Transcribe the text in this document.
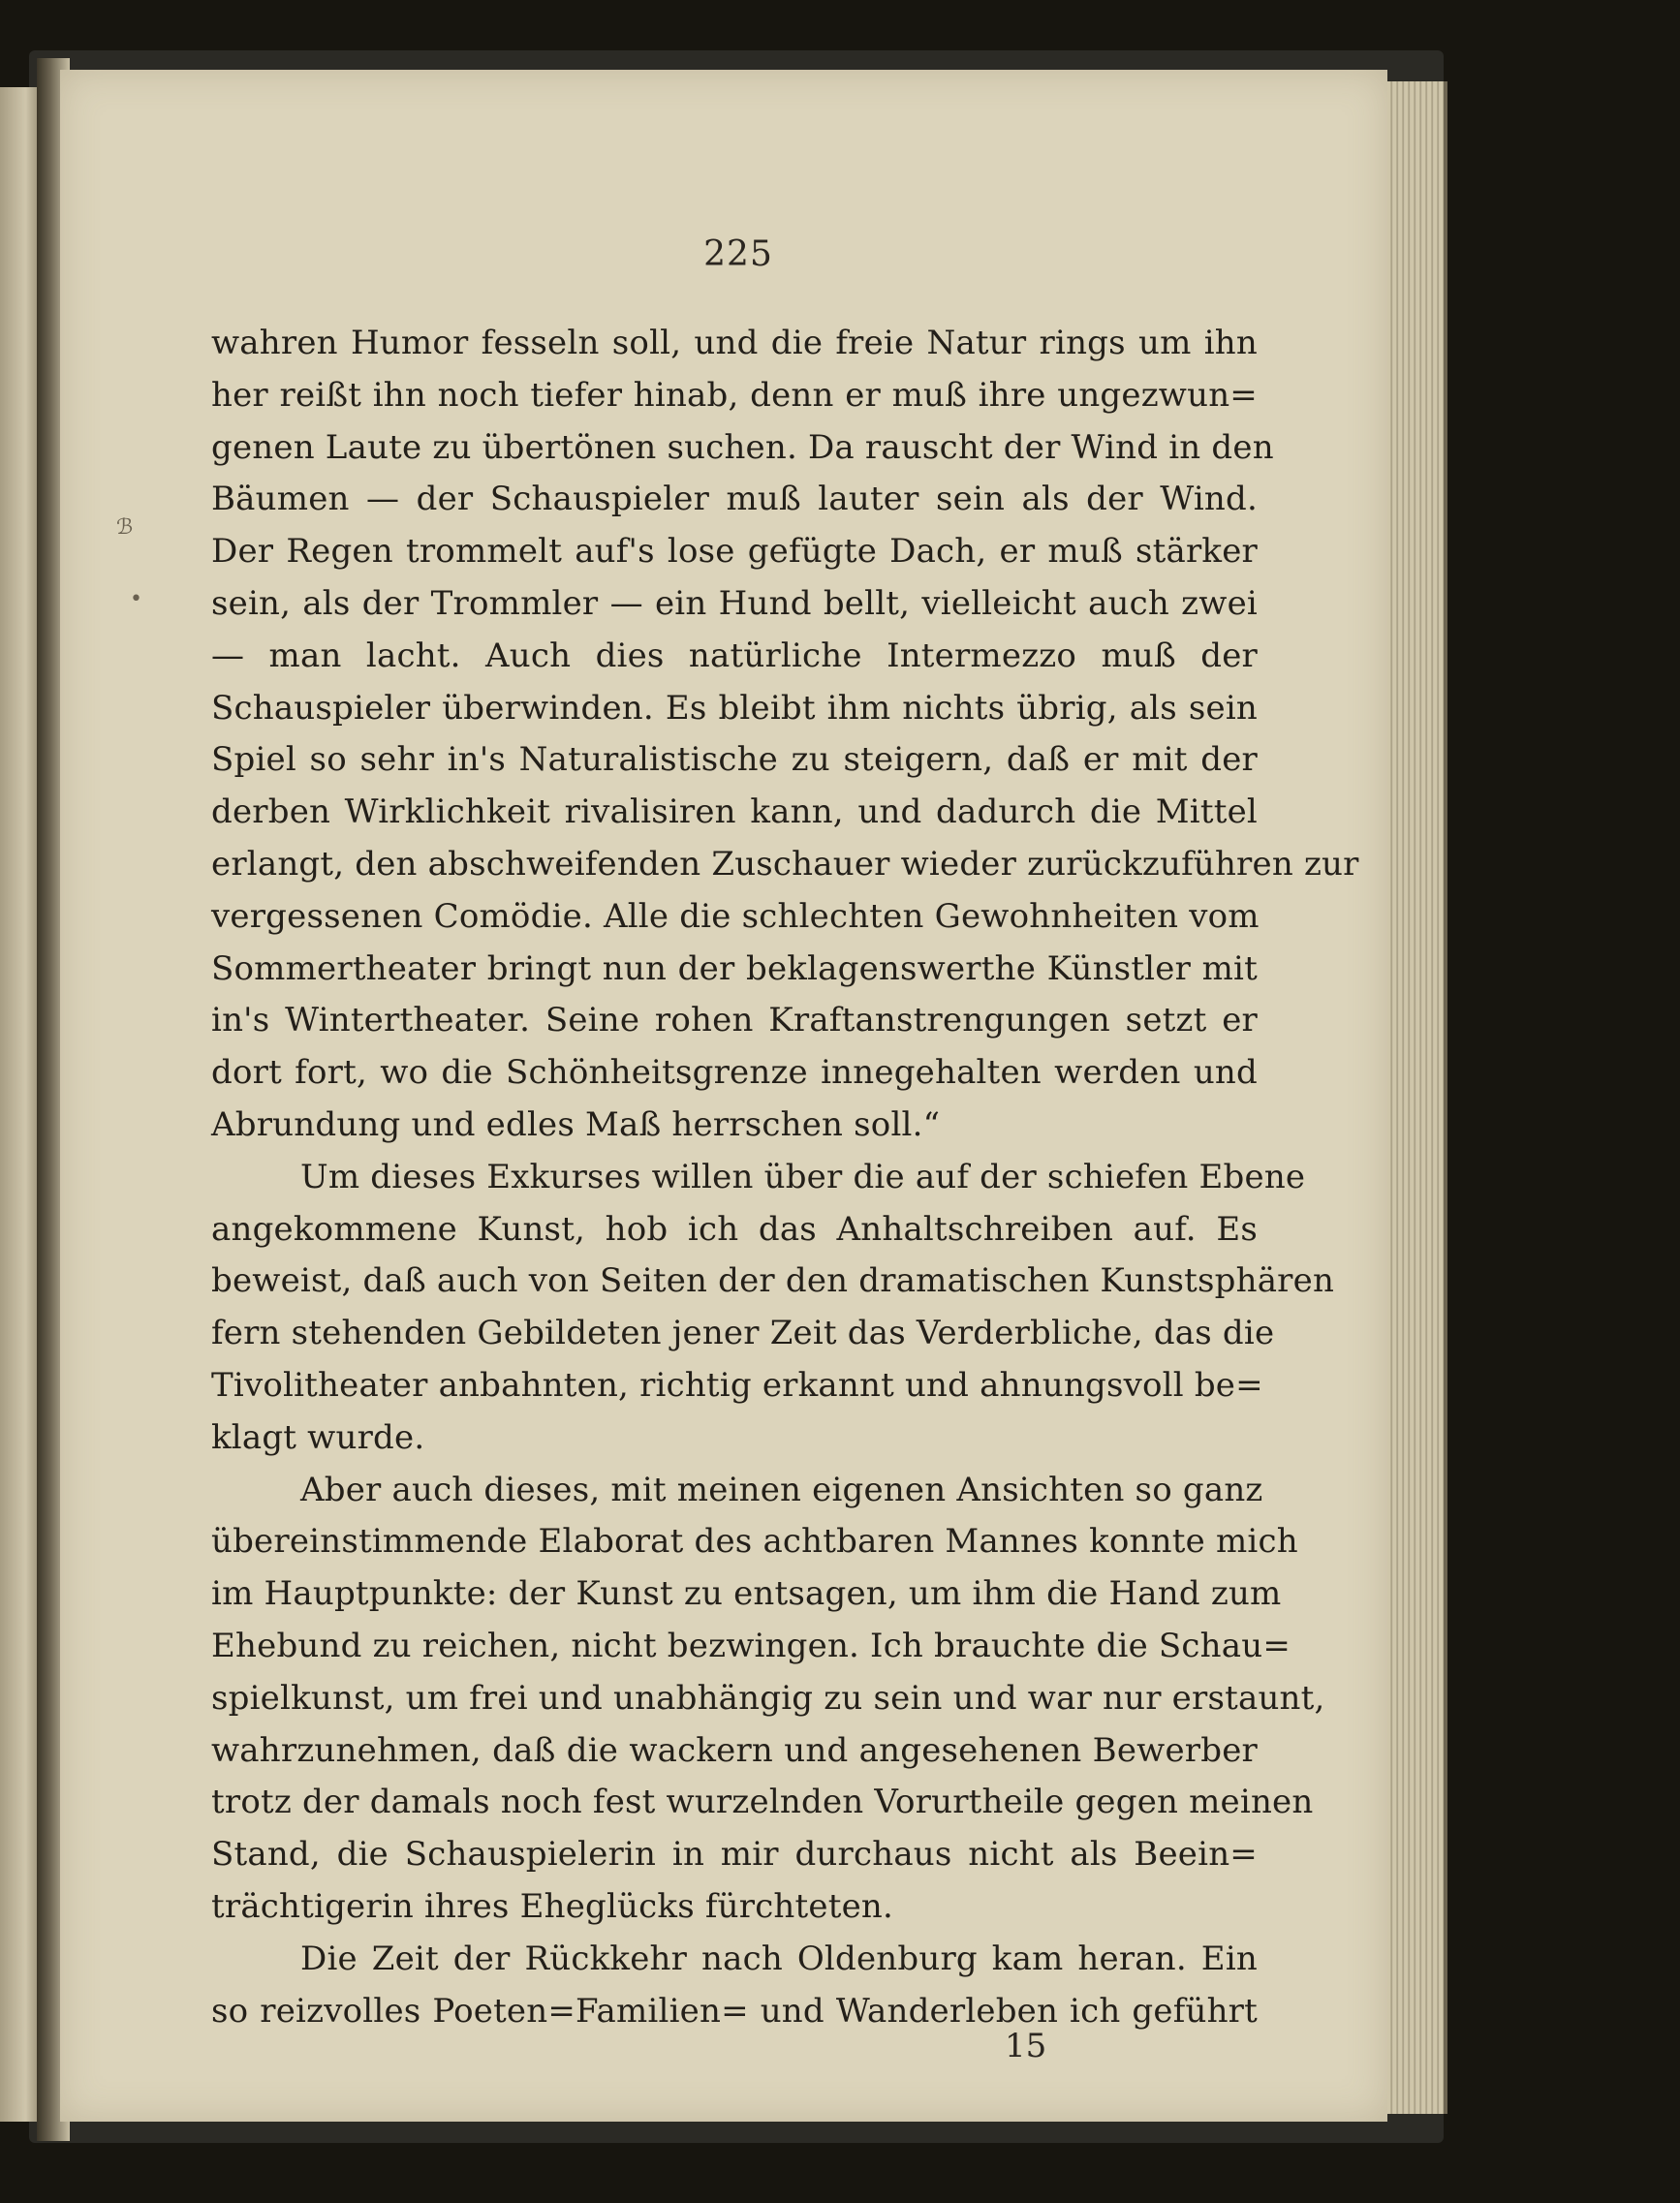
225
ℬ
•
wahren Humor fesseln soll, und die freie Natur rings um ihn
her reißt ihn noch tiefer hinab, denn er muß ihre ungezwun=
genen Laute zu übertönen suchen. Da rauscht der Wind in den
Bäumen — der Schauspieler muß lauter sein als der Wind.
Der Regen trommelt auf's lose gefügte Dach, er muß stärker
sein, als der Trommler — ein Hund bellt, vielleicht auch zwei
— man lacht. Auch dies natürliche Intermezzo muß der
Schauspieler überwinden. Es bleibt ihm nichts übrig, als sein
Spiel so sehr in's Naturalistische zu steigern, daß er mit der
derben Wirklichkeit rivalisiren kann, und dadurch die Mittel
erlangt, den abschweifenden Zuschauer wieder zurückzuführen zur
vergessenen Comödie. Alle die schlechten Gewohnheiten vom
Sommertheater bringt nun der beklagenswerthe Künstler mit
in's Wintertheater. Seine rohen Kraftanstrengungen setzt er
dort fort, wo die Schönheitsgrenze innegehalten werden und
Abrundung und edles Maß herrschen soll.“
Um dieses Exkurses willen über die auf der schiefen Ebene
angekommene Kunst, hob ich das Anhaltschreiben auf. Es
beweist, daß auch von Seiten der den dramatischen Kunstsphären
fern stehenden Gebildeten jener Zeit das Verderbliche, das die
Tivolitheater anbahnten, richtig erkannt und ahnungsvoll be=
klagt wurde.
Aber auch dieses, mit meinen eigenen Ansichten so ganz
übereinstimmende Elaborat des achtbaren Mannes konnte mich
im Hauptpunkte: der Kunst zu entsagen, um ihm die Hand zum
Ehebund zu reichen, nicht bezwingen. Ich brauchte die Schau=
spielkunst, um frei und unabhängig zu sein und war nur erstaunt,
wahrzunehmen, daß die wackern und angesehenen Bewerber
trotz der damals noch fest wurzelnden Vorurtheile gegen meinen
Stand, die Schauspielerin in mir durchaus nicht als Beein=
trächtigerin ihres Eheglücks fürchteten.
Die Zeit der Rückkehr nach Oldenburg kam heran. Ein
so reizvolles Poeten=Familien= und Wanderleben ich geführt
15
